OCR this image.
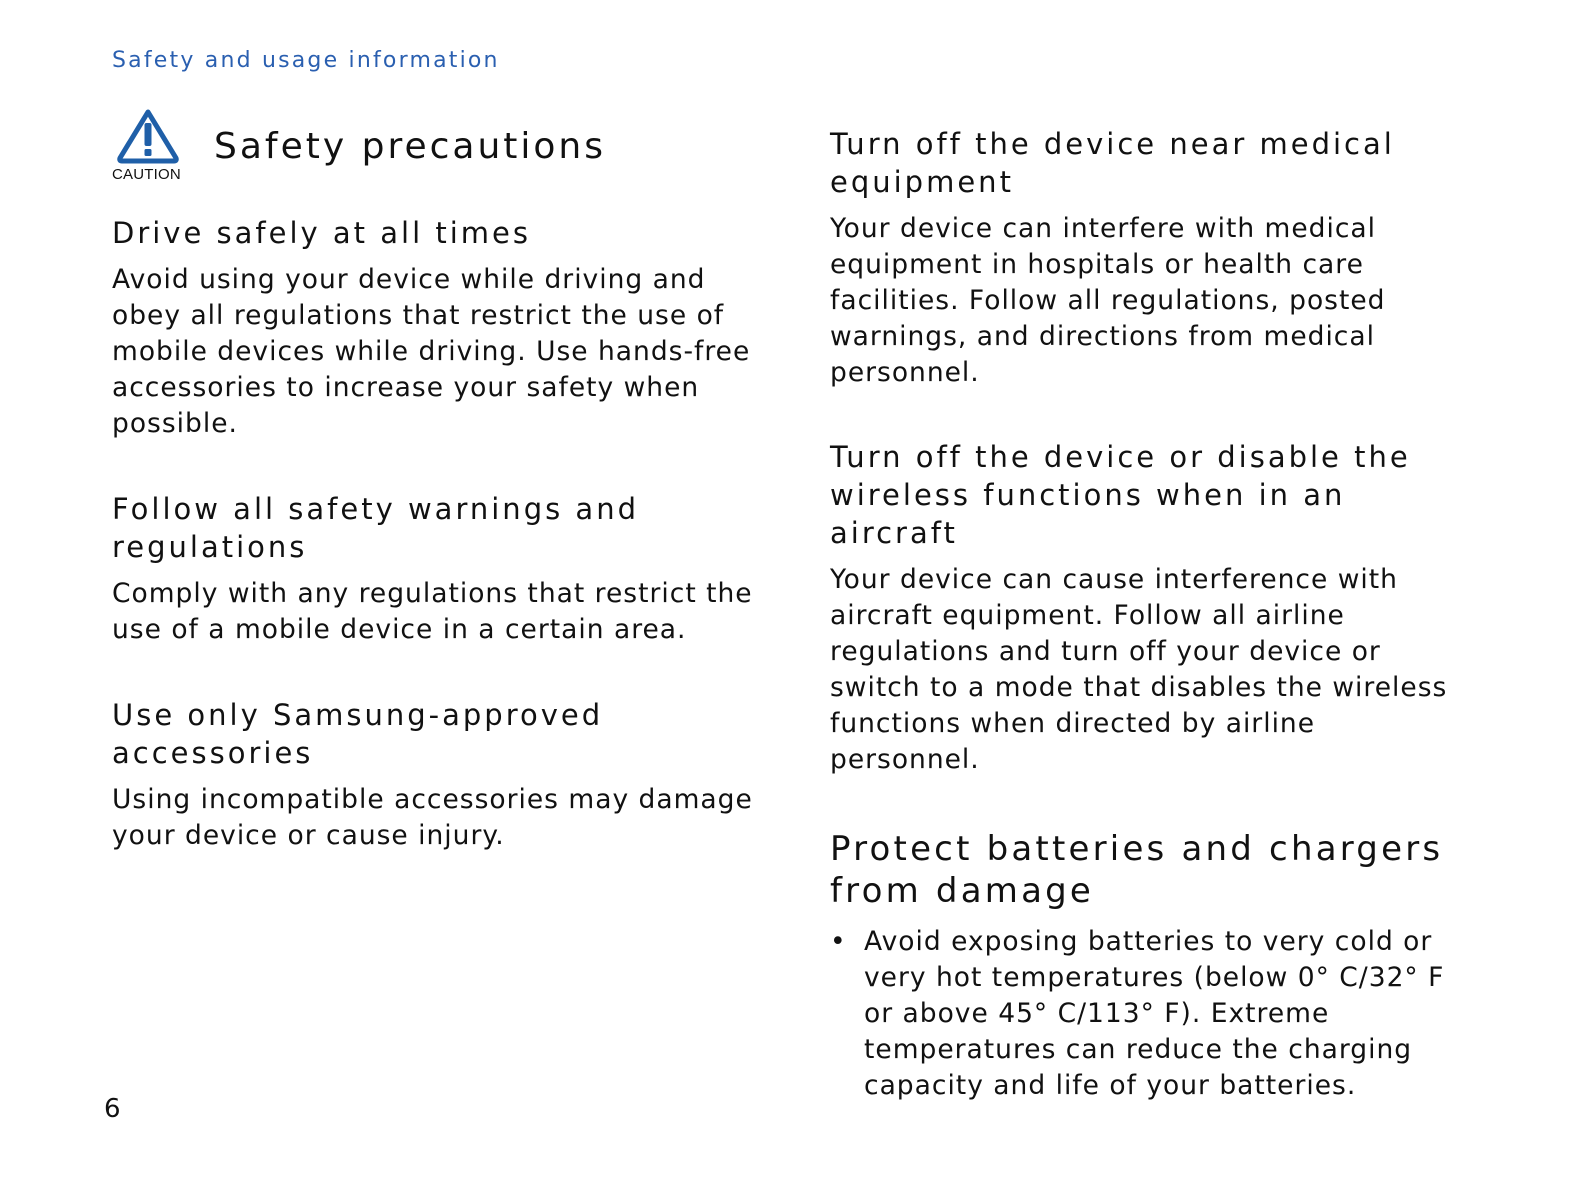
Safety and usage information
CAUTION
Safety precautions
Drive safely at all times

Avoid using your device while driving and obey all regulations that restrict the use of mobile devices while driving. Use hands-free accessories to increase your safety when possible.

Follow all safety warnings and regulations

Comply with any regulations that restrict the use of a mobile device in a certain area.

Use only Samsung-approved accessories

Using incompatible accessories may damage your device or cause injury.

Turn off the device near medical equipment

Your device can interfere with medical equipment in hospitals or health care facilities. Follow all regulations, posted warnings, and directions from medical personnel.

Turn off the device or disable the wireless functions when in an aircraft

Your device can cause interference with aircraft equipment. Follow all airline regulations and turn off your device or switch to a mode that disables the wireless functions when directed by airline personnel.

Protect batteries and chargers from damage
• Avoid exposing batteries to very cold or very hot temperatures (below 0° C/32° F or above 45° C/113° F). Extreme temperatures can reduce the charging capacity and life of your batteries.
6
